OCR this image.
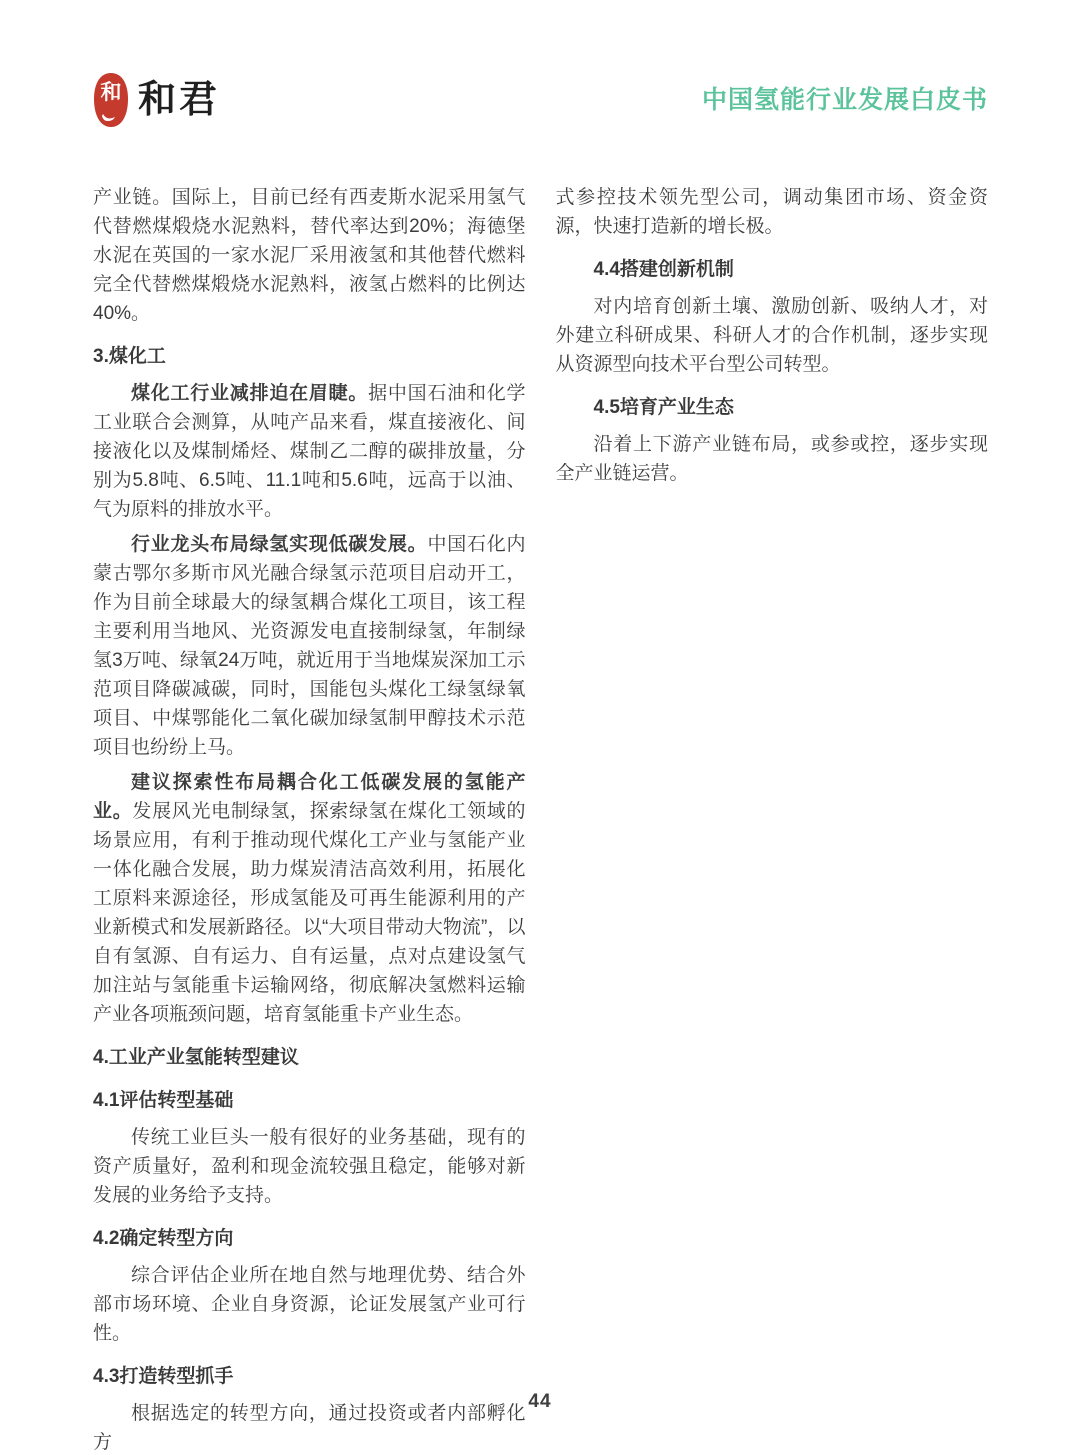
和 和君	中国氢能行业发展白皮书

产业链。国际上，目前已经有西麦斯水泥采用氢气代替燃煤煅烧水泥熟料，替代率达到20%；海德堡水泥在英国的一家水泥厂采用液氢和其他替代燃料完全代替燃煤煅烧水泥熟料，液氢占燃料的比例达40%。

3.煤化工

煤化工行业减排迫在眉睫。据中国石油和化学工业联合会测算，从吨产品来看，煤直接液化、间接液化以及煤制烯烃、煤制乙二醇的碳排放量，分别为5.8吨、6.5吨、11.1吨和5.6吨，远高于以油、气为原料的排放水平。

行业龙头布局绿氢实现低碳发展。中国石化内蒙古鄂尔多斯市风光融合绿氢示范项目启动开工，作为目前全球最大的绿氢耦合煤化工项目，该工程主要利用当地风、光资源发电直接制绿氢，年制绿氢3万吨、绿氧24万吨，就近用于当地煤炭深加工示范项目降碳减碳，同时，国能包头煤化工绿氢绿氧项目、中煤鄂能化二氧化碳加绿氢制甲醇技术示范项目也纷纷上马。

建议探索性布局耦合化工低碳发展的氢能产业。发展风光电制绿氢，探索绿氢在煤化工领域的场景应用，有利于推动现代煤化工产业与氢能产业一体化融合发展，助力煤炭清洁高效利用，拓展化工原料来源途径，形成氢能及可再生能源利用的产业新模式和发展新路径。以“大项目带动大物流”，以自有氢源、自有运力、自有运量，点对点建设氢气加注站与氢能重卡运输网络，彻底解决氢燃料运输产业各项瓶颈问题，培育氢能重卡产业生态。

4.工业产业氢能转型建议
4.1评估转型基础

传统工业巨头一般有很好的业务基础，现有的资产质量好，盈利和现金流较强且稳定，能够对新发展的业务给予支持。

4.2确定转型方向

综合评估企业所在地自然与地理优势、结合外部市场环境、企业自身资源，论证发展氢产业可行性。

4.3打造转型抓手

根据选定的转型方向，通过投资或者内部孵化方

式参控技术领先型公司，调动集团市场、资金资源，快速打造新的增长极。

4.4搭建创新机制

对内培育创新土壤、激励创新、吸纳人才，对外建立科研成果、科研人才的合作机制，逐步实现从资源型向技术平台型公司转型。

4.5培育产业生态

沿着上下游产业链布局，或参或控，逐步实现全产业链运营。

44
